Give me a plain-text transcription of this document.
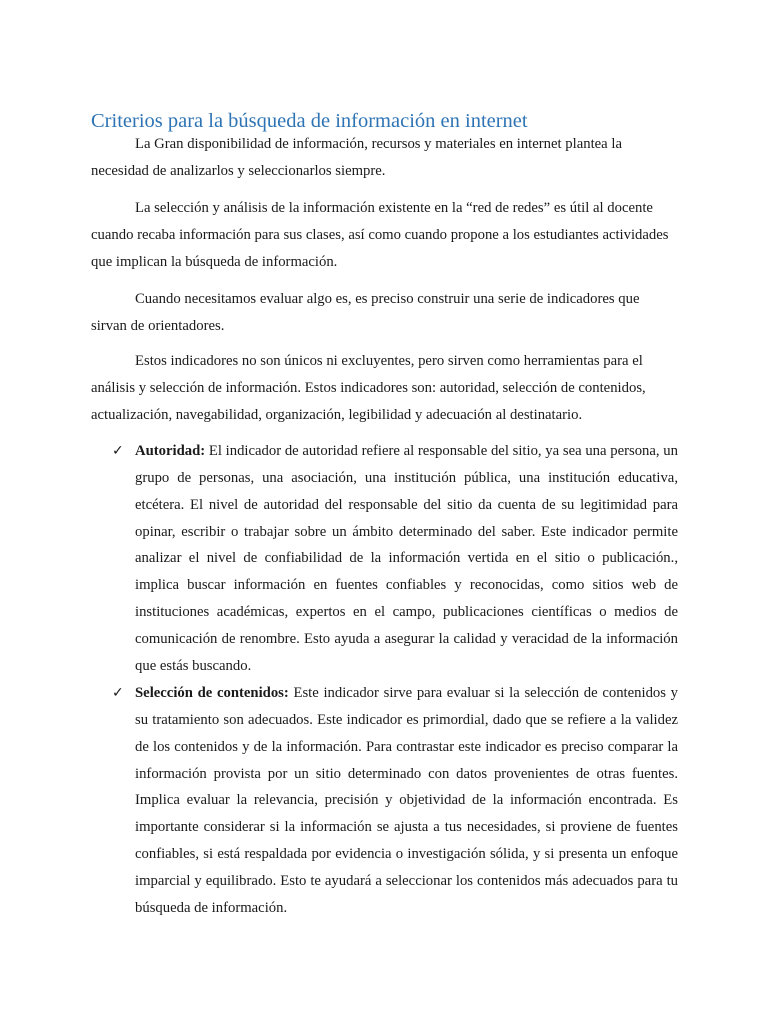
Criterios para la búsqueda de información en internet

La Gran disponibilidad de información, recursos y materiales en internet plantea la necesidad de analizarlos y seleccionarlos siempre.

La selección y análisis de la información existente en la “red de redes” es útil al docente cuando recaba información para sus clases, así como cuando propone a los estudiantes actividades que implican la búsqueda de información.

Cuando necesitamos evaluar algo es, es preciso construir una serie de indicadores que sirvan de orientadores.

Estos indicadores no son únicos ni excluyentes, pero sirven como herramientas para el análisis y selección de información. Estos indicadores son: autoridad, selección de contenidos, actualización, navegabilidad, organización, legibilidad y adecuación al destinatario.

✓ Autoridad: El indicador de autoridad refiere al responsable del sitio, ya sea una persona, un grupo de personas, una asociación, una institución pública, una institución educativa, etcétera. El nivel de autoridad del responsable del sitio da cuenta de su legitimidad para opinar, escribir o trabajar sobre un ámbito determinado del saber. Este indicador permite analizar el nivel de confiabilidad de la información vertida en el sitio o publicación., implica buscar información en fuentes confiables y reconocidas, como sitios web de instituciones académicas, expertos en el campo, publicaciones científicas o medios de comunicación de renombre. Esto ayuda a asegurar la calidad y veracidad de la información que estás buscando.

✓ Selección de contenidos: Este indicador sirve para evaluar si la selección de contenidos y su tratamiento son adecuados. Este indicador es primordial, dado que se refiere a la validez de los contenidos y de la información. Para contrastar este indicador es preciso comparar la información provista por un sitio determinado con datos provenientes de otras fuentes. Implica evaluar la relevancia, precisión y objetividad de la información encontrada. Es importante considerar si la información se ajusta a tus necesidades, si proviene de fuentes confiables, si está respaldada por evidencia o investigación sólida, y si presenta un enfoque imparcial y equilibrado. Esto te ayudará a seleccionar los contenidos más adecuados para tu búsqueda de información.
